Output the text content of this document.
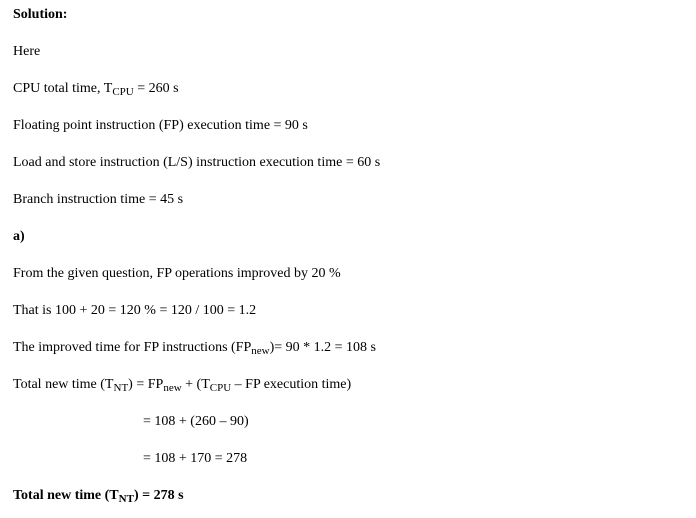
Solution:
Here
CPU total time, $T_{CPU} = 260$ s
Floating point instruction (FP) execution time = 90 s
Load and store instruction (L/S) instruction execution time = 60 s
Branch instruction time = 45 s
a)
From the given question, FP operations improved by 20 %
That is 100 + 20 = 120 % = 120 / 100 = 1.2
The improved time for FP instructions $(FP_{new})= 90 * 1.2 = 108$ s
Total new time $(T_{NT}) = FP_{new} + (T_{CPU}$ – FP execution time)
= 108 + (260 – 90)
= 108 + 170 = 278
Total new time $(T_{NT}) = 278$ s
